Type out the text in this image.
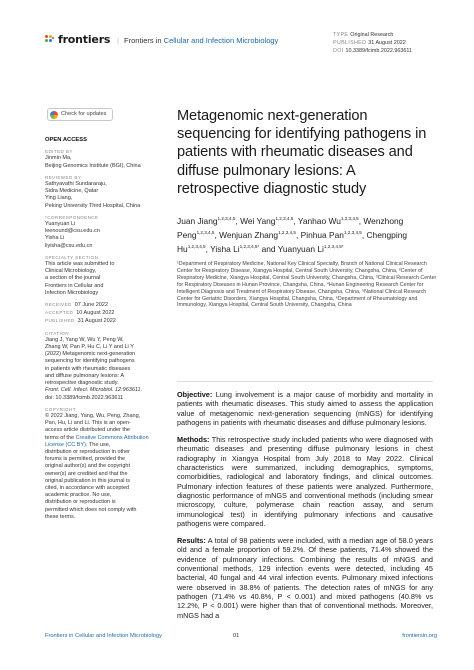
frontiers | Frontiers in Cellular and Infection Microbiology
TYPE Original Research
PUBLISHED 31 August 2022
DOI 10.3389/fcimb.2022.963611
Check for updates
OPEN ACCESS
EDITED BY
Jinmin Ma,
Beijing Genomics Institute (BGI), China
REVIEWED BY
Sathyavathi Sundararaju,
Sidra Medicine, Qatar
Ying Liang,
Peking University Third Hospital, China
*CORRESPONDENCE
Yuanyuan Li
leenound@csu.edu.cn
Yisha Li
liyisha@csu.edu.cn
SPECIALTY SECTION
This article was submitted to
Clinical Microbiology,
a section of the journal
Frontiers in Cellular and
Infection Microbiology
RECEIVED 07 June 2022
ACCEPTED 10 August 2022
PUBLISHED 31 August 2022
CITATION
Jiang J, Yang W, Wu Y, Peng W,
Zhang W, Pan P, Hu C, Li Y and Li Y
(2022) Metagenomic next-generation
sequencing for identifying pathogens
in patients with rheumatic diseases
and diffuse pulmonary lesions: A
retrospective diagnostic study.
Front. Cell. Infect. Microbiol. 12:963611.
doi: 10.3389/fcimb.2022.963611
COPYRIGHT
© 2022 Jiang, Yang, Wu, Peng, Zhang,
Pan, Hu, Li and Li. This is an open-
access article distributed under the
terms of the Creative Commons Attribution License (CC BY). The use,
distribution or reproduction in other
forums is permitted, provided the
original author(s) and the copyright
owner(s) are credited and that the
original publication in this journal is
cited, in accordance with accepted
academic practice. No use,
distribution or reproduction is
permitted which does not comply with
these terms.
Metagenomic next-generation sequencing for identifying pathogens in patients with rheumatic diseases and diffuse pulmonary lesions: A retrospective diagnostic study
Juan Jiang$^{1,2,3,4,5}$, Wei Yang$^{1,2,3,4,5}$, Yanhao Wu$^{1,2,3,4,5}$, Wenzhong Peng$^{1,2,3,4,5}$, Wenjuan Zhang$^{1,2,3,4,5}$, Pinhua Pan$^{1,2,3,4,5}$, Chengping Hu$^{1,2,3,4,5}$, Yisha $Li^{1,2,3,4,5*}$ and Yuanyuan $Li^{1,2,3,4,5*}$
¹Department of Respiratory Medicine, National Key Clinical Specialty, Branch of National Clinical Research Center for Respiratory Disease, Xiangya Hospital, Central South University, Changsha, China, ²Center of Respiratory Medicine, Xiangya Hospital, Central South University, Changsha, China, ³Clinical Research Center for Respiratory Diseases in Hunan Province, Changsha, China, ⁴Hunan Engineering Research Center for Intelligent Diagnosis and Treatment of Respiratory Disease, Changsha, China, ⁵National Clinical Research Center for Geriatric Disorders, Xiangya Hospital, Changsha, China, ⁶Department of Rheumatology and Immunology, Xiangya Hospital, Central South University, Changsha, China

Objective: Lung involvement is a major cause of morbidity and mortality in patients with rheumatic diseases. This study aimed to assess the application value of metagenomic next-generation sequencing (mNGS) for identifying pathogens in patients with rheumatic diseases and diffuse pulmonary lesions.

Methods: This retrospective study included patients who were diagnosed with rheumatic diseases and presenting diffuse pulmonary lesions in chest radiography in Xiangya Hospital from July 2018 to May 2022. Clinical characteristics were summarized, including demographics, symptoms, comorbidities, radiological and laboratory findings, and clinical outcomes. Pulmonary infection features of these patients were analyzed. Furthermore, diagnostic performance of mNGS and conventional methods (including smear microscopy, culture, polymerase chain reaction assay, and serum immunological test) in identifying pulmonary infections and causative pathogens were compared.

Results: A total of 98 patients were included, with a median age of 58.0 years old and a female proportion of 59.2%. Of these patients, 71.4% showed the evidence of pulmonary infections. Combining the results of mNGS and conventional methods, 129 infection events were detected, including 45 bacterial, 40 fungal and 44 viral infection events. Pulmonary mixed infections were observed in 38.8% of patients. The detection rates of mNGS for any pathogen (71.4% vs 40.8%, P < 0.001) and mixed pathogens (40.8% vs 12.2%, P < 0.001) were higher than that of conventional methods. Moreover, mNGS had a

Frontiers in Cellular and Infection Microbiology	01	frontiersin.org
